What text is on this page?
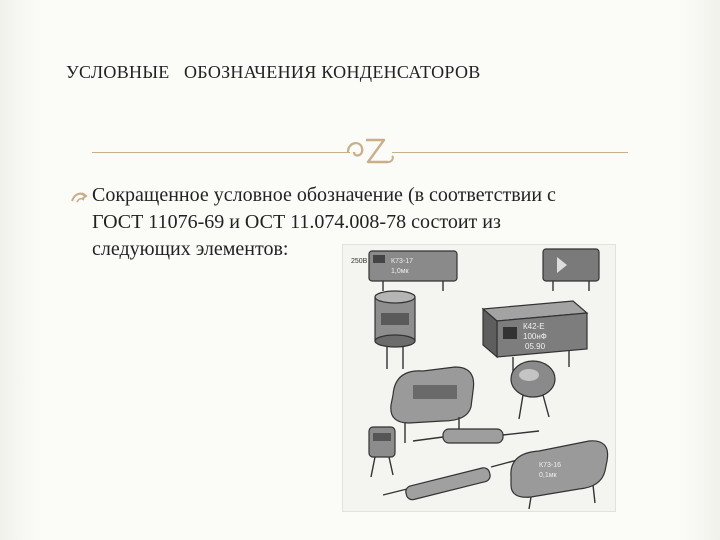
УСЛОВНЫЕ   ОБОЗНАЧЕНИЯ КОНДЕНСАТОРОВ
Сокращенное условное обозначение (в соответствии с
ГОСТ 11076-69 и ОСТ 11.074.008-78 состоит из
следующих элементов:
К73-17
1,0мк
К42-Е
100нФ
05.90
К73-16
0,1мк
250В
